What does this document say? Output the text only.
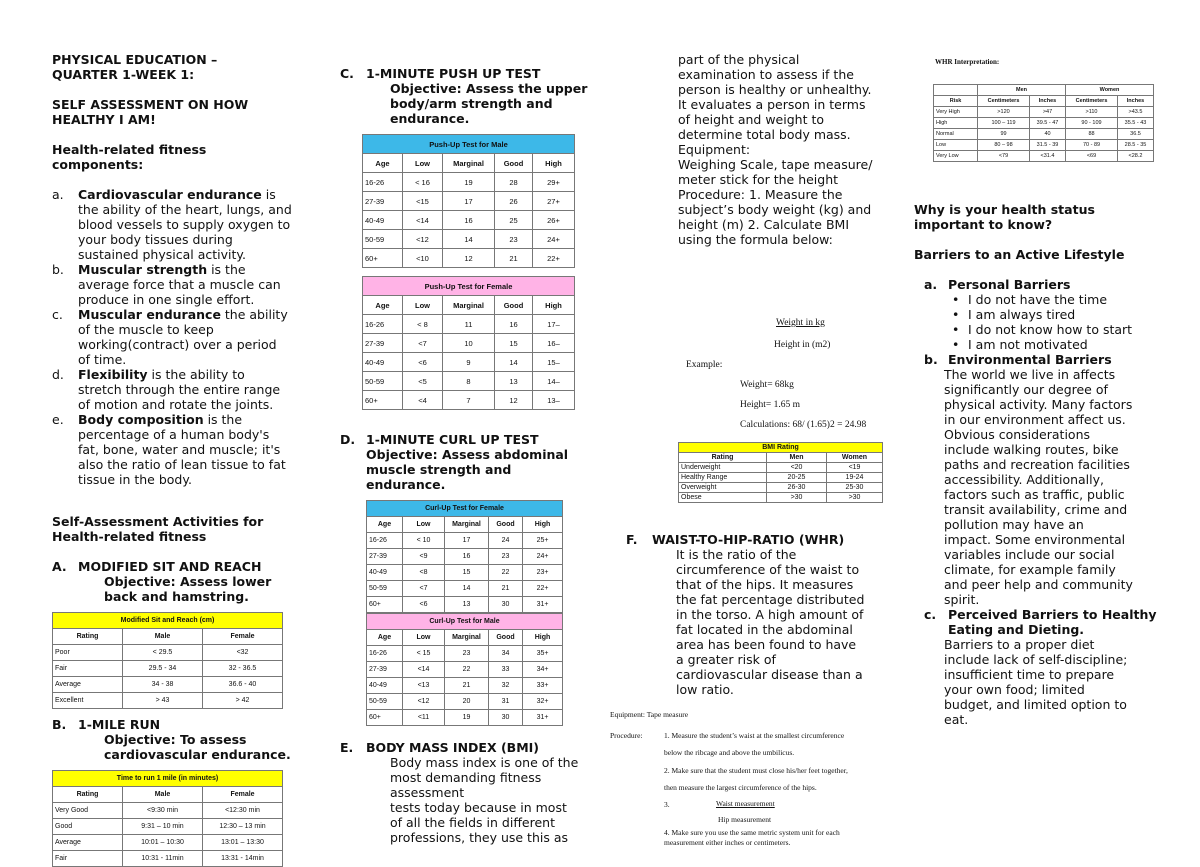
PHYSICAL EDUCATION –
QUARTER 1-WEEK 1:
SELF ASSESSMENT ON HOW
HEALTHY I AM!
Health-related fitness
components:
a. Cardiovascular endurance is the ability of the heart, lungs, and blood vessels to supply oxygen to your body tissues during sustained physical activity.
b. Muscular strength is the average force that a muscle can produce in one single effort.
c. Muscular endurance the ability of the muscle to keep working(contract) over a period of time.
d. Flexibility is the ability to stretch through the entire range of motion and rotate the joints.
e. Body composition is the percentage of a human body's fat, bone, water and muscle; it's also the ratio of lean tissue to fat tissue in the body.
Self-Assessment Activities for
Health-related fitness
A. MODIFIED SIT AND REACH
Objective: Assess lower back and hamstring.
Modified Sit and Reach (cm)		
Rating	Male	Female
Poor	< 29.5	<32
Fair	29.5 - 34	32 - 36.5
Average	34 - 38	36.6 - 40
Excellent	> 43	> 42
B. 1-MILE RUN
Objective: To assess cardiovascular endurance.
Time to run 1 mile (in minutes)		
Rating	Male	Female
Very Good	<9:30 min	<12:30 min
Good	9:31 – 10 min	12:30 – 13 min
Average	10:01 – 10:30	13:01 – 13:30
Fair	10:31 - 11min	13:31 - 14min
C. 1-MINUTE PUSH UP TEST
Objective: Assess the upper body/arm strength and endurance.
Push-Up Test for Male				
Age	Low	Marginal	Good	High
16-26	< 16	19	28	29+
27-39	<15	17	26	27+
40-49	<14	16	25	26+
50-59	<12	14	23	24+
60+	<10	12	21	22+
Push-Up Test for Female				
Age	Low	Marginal	Good	High
16-26	< 8	11	16	17–
27-39	<7	10	15	16–
40-49	<6	9	14	15–
50-59	<5	8	13	14–
60+	<4	7	12	13–
D. 1-MINUTE CURL UP TEST
Objective: Assess abdominal muscle strength and endurance.
Curl-Up Test for Female				
Age	Low	Marginal	Good	High
16-26	< 10	17	24	25+
27-39	<9	16	23	24+
40-49	<8	15	22	23+
50-59	<7	14	21	22+
60+	<6	13	30	31+
Curl-Up Test for Male				
Age	Low	Marginal	Good	High
16-26	< 15	23	34	35+
27-39	<14	22	33	34+
40-49	<13	21	32	33+
50-59	<12	20	31	32+
60+	<11	19	30	31+
E. BODY MASS INDEX (BMI)
Body mass index is one of the most demanding fitness assessment
tests today because in most of all the fields in different professions, they use this as
part of the physical examination to assess if the person is healthy or unhealthy. It evaluates a person in terms of height and weight to determine total body mass.
Equipment:
Weighing Scale, tape measure/ meter stick for the height
Procedure: 1. Measure the subject’s body weight (kg) and height (m) 2. Calculate BMI using the formula below:
Weight in kg
Height in (m2)
Example:
Weight= 68kg
Height= 1.65 m
Calculations: 68/ (1.65)2 = 24.98
BMI Rating		
Rating	Men	Women
Underweight	<20	<19
Healthy Range	20-25	19-24
Overweight	26-30	25-30
Obese	>30	>30
F. WAIST-TO-HIP-RATIO (WHR)
It is the ratio of the circumference of the waist to that of the hips. It measures the fat percentage distributed in the torso. A high amount of fat located in the abdominal area has been found to have a greater risk of cardiovascular disease than a low ratio.
Equipment: Tape measure
Procedure:	1. Measure the student’s waist at the smallest circumference
below the ribcage and above the umbilicus.
2. Make sure that the student must close his/her feet together,
then measure the largest circumference of the hips.
3.	Waist measurement
Hip measurement
4. Make sure you use the same metric system unit for each
measurement either inches or centimeters.
WHR Interpretation:
	Men		Women	
Risk	Centimeters	Inches	Centimeters	Inches
Very High	>120	>47	>110	>43.5
High	100 – 119	39.5 - 47	90 - 109	35.5 - 43
Normal	99	40	88	36.5
Low	80 – 98	31.5 - 39	70 - 89	28.5 - 35
Very Low	<79	<31.4	<69	<28.2
Why is your health status
important to know?
Barriers to an Active Lifestyle
a. Personal Barriers
• I do not have the time
• I am always tired
• I do not know how to start
• I am not motivated
b. Environmental Barriers
The world we live in affects significantly our degree of physical activity. Many factors in our environment affect us. Obvious considerations include walking routes, bike paths and recreation facilities accessibility. Additionally, factors such as traffic, public transit availability, crime and pollution may have an impact. Some environmental variables include our social climate, for example family and peer help and community spirit.
c. Perceived Barriers to Healthy Eating and Dieting.
Barriers to a proper diet include lack of self-discipline; insufficient time to prepare your own food; limited budget, and limited option to eat.
